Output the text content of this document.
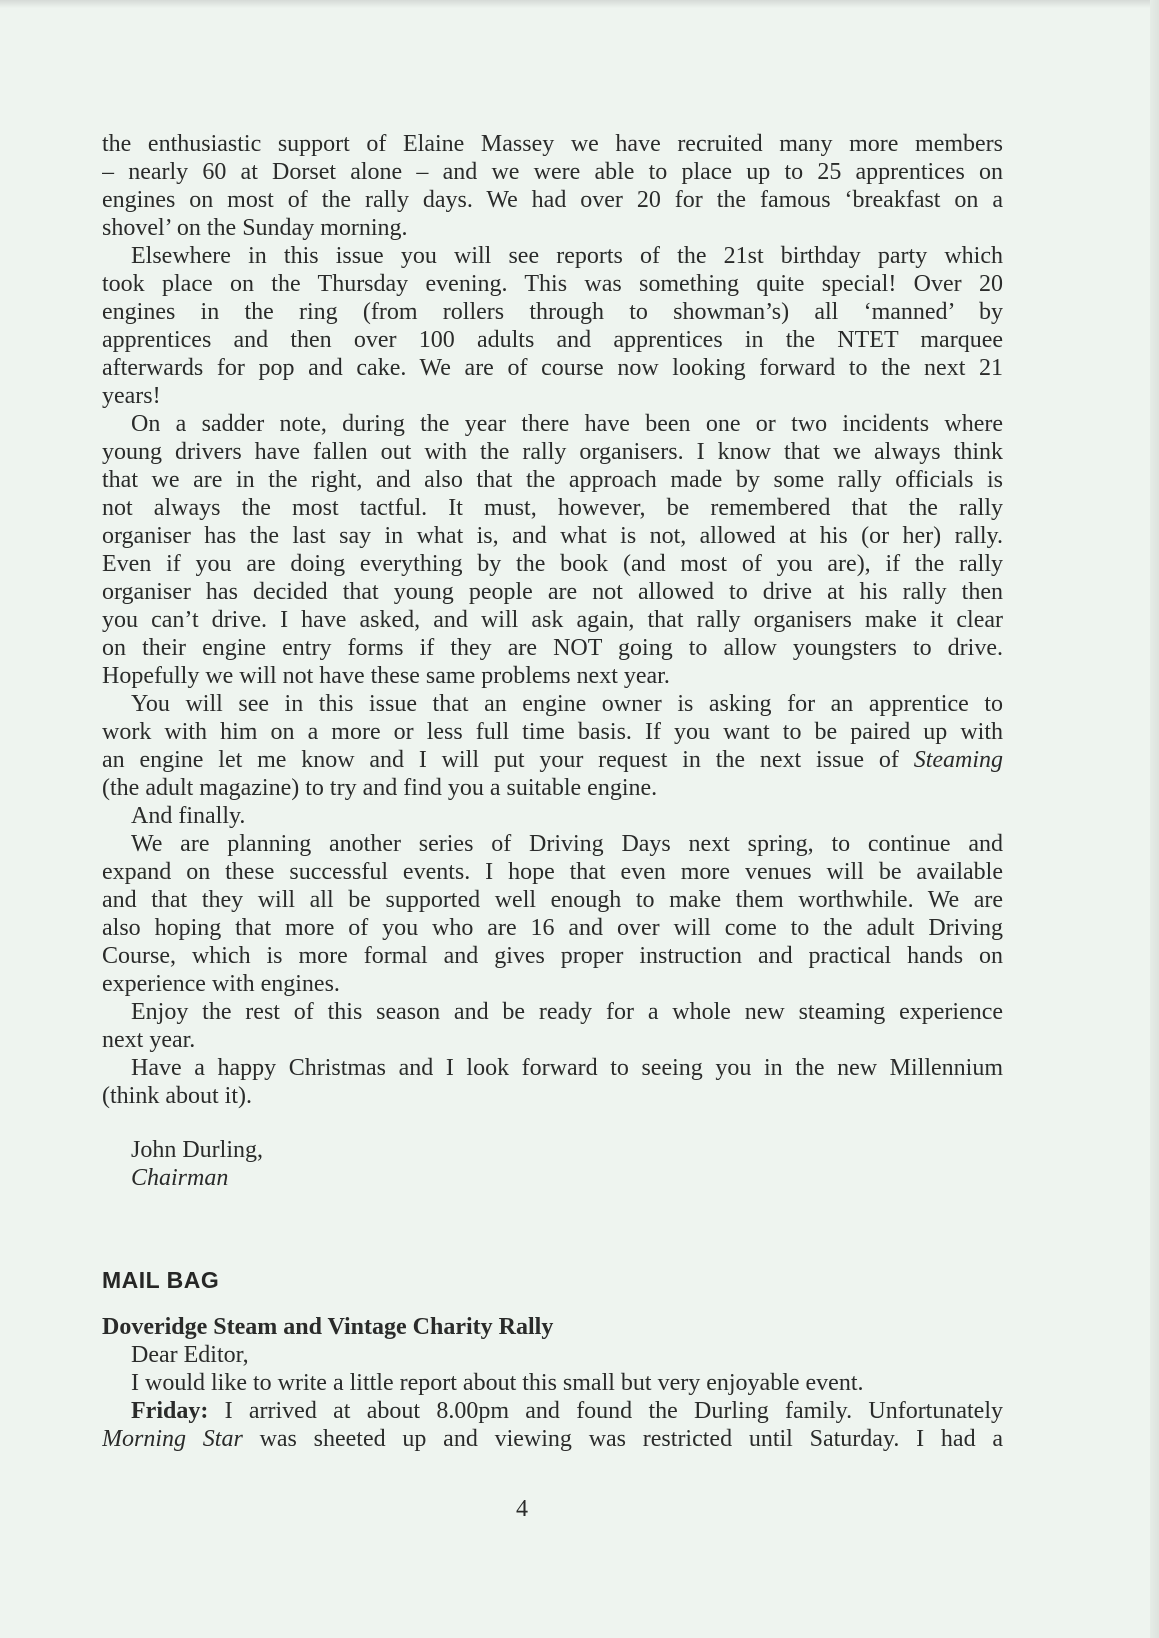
the enthusiastic support of Elaine Massey we have recruited many more members
– nearly 60 at Dorset alone – and we were able to place up to 25 apprentices on
engines on most of the rally days. We had over 20 for the famous ‘breakfast on a
shovel’ on the Sunday morning.
Elsewhere in this issue you will see reports of the 21st birthday party which
took place on the Thursday evening. This was something quite special! Over 20
engines in the ring (from rollers through to showman’s) all ‘manned’ by
apprentices and then over 100 adults and apprentices in the NTET marquee
afterwards for pop and cake. We are of course now looking forward to the next 21
years!
On a sadder note, during the year there have been one or two incidents where
young drivers have fallen out with the rally organisers. I know that we always think
that we are in the right, and also that the approach made by some rally officials is
not always the most tactful. It must, however, be remembered that the rally
organiser has the last say in what is, and what is not, allowed at his (or her) rally.
Even if you are doing everything by the book (and most of you are), if the rally
organiser has decided that young people are not allowed to drive at his rally then
you can’t drive. I have asked, and will ask again, that rally organisers make it clear
on their engine entry forms if they are NOT going to allow youngsters to drive.
Hopefully we will not have these same problems next year.
You will see in this issue that an engine owner is asking for an apprentice to
work with him on a more or less full time basis. If you want to be paired up with
an engine let me know and I will put your request in the next issue of Steaming
(the adult magazine) to try and find you a suitable engine.
And finally.
We are planning another series of Driving Days next spring, to continue and
expand on these successful events. I hope that even more venues will be available
and that they will all be supported well enough to make them worthwhile. We are
also hoping that more of you who are 16 and over will come to the adult Driving
Course, which is more formal and gives proper instruction and practical hands on
experience with engines.
Enjoy the rest of this season and be ready for a whole new steaming experience
next year.
Have a happy Christmas and I look forward to seeing you in the new Millennium
(think about it).
John Durling,
Chairman
MAIL BAG
Doveridge Steam and Vintage Charity Rally
Dear Editor,
I would like to write a little report about this small but very enjoyable event.
Friday: I arrived at about 8.00pm and found the Durling family. Unfortunately
Morning Star was sheeted up and viewing was restricted until Saturday. I had a
4
